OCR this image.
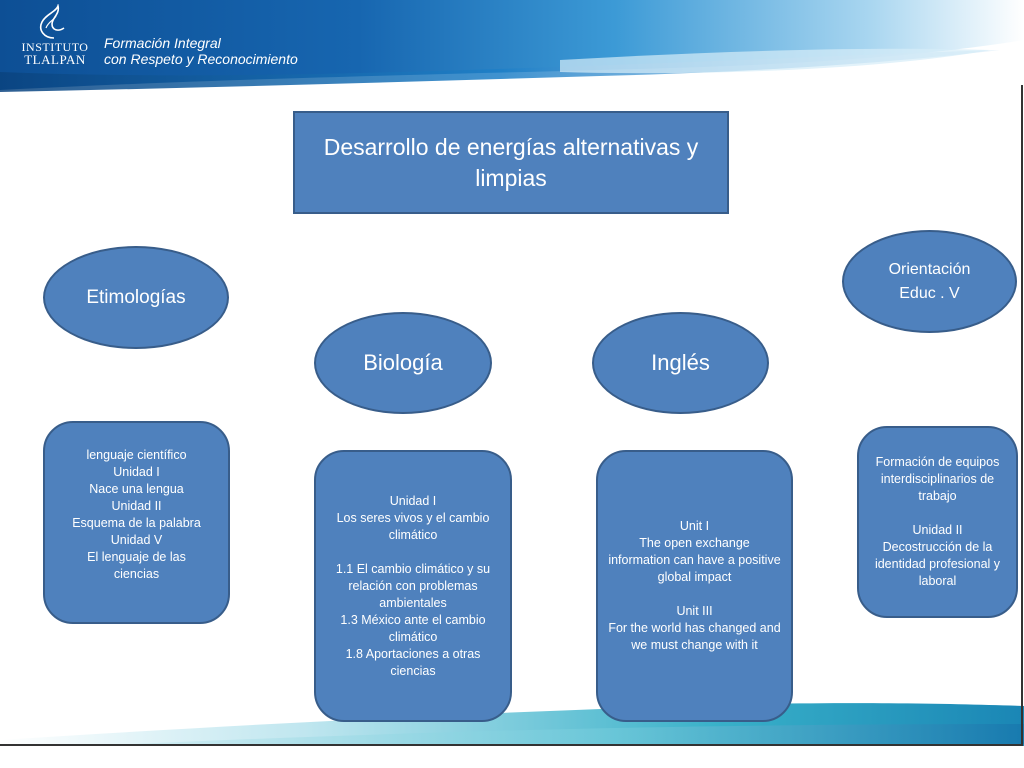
INSTITUTO
TLALPAN
Formación Integral
con Respeto y Reconocimiento
Desarrollo de energías alternativas y limpias
Etimologías
Biología	Inglés
Orientación
Educ . V
lenguaje científico
Unidad I
Nace una lengua
Unidad II
Esquema de la palabra
Unidad V
El lenguaje de las
ciencias
Unidad I
Los seres vivos y el cambio climático

1.1 El cambio climático y su relación con problemas ambientales
1.3 México ante el cambio climático
1.8 Aportaciones a otras ciencias
Unit I
The open exchange information can have a positive global impact

Unit III
For the world has changed and we must change with it
Formación de equipos interdisciplinarios de trabajo

Unidad II
Decostrucción de la identidad profesional y laboral
